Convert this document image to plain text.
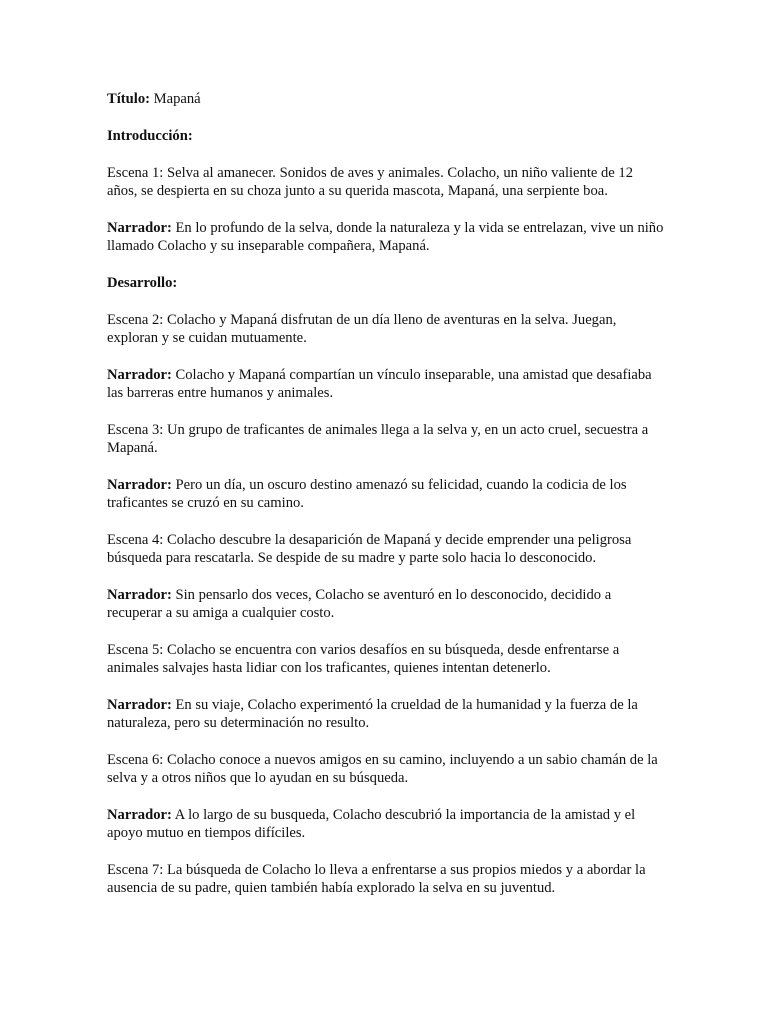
Título: Mapaná

Introducción:

Escena 1: Selva al amanecer. Sonidos de aves y animales. Colacho, un niño valiente de 12 años, se despierta en su choza junto a su querida mascota, Mapaná, una serpiente boa.

Narrador: En lo profundo de la selva, donde la naturaleza y la vida se entrelazan, vive un niño llamado Colacho y su inseparable compañera, Mapaná.

Desarrollo:

Escena 2: Colacho y Mapaná disfrutan de un día lleno de aventuras en la selva. Juegan, exploran y se cuidan mutuamente.

Narrador: Colacho y Mapaná compartían un vínculo inseparable, una amistad que desafiaba las barreras entre humanos y animales.

Escena 3: Un grupo de traficantes de animales llega a la selva y, en un acto cruel, secuestra a Mapaná.

Narrador: Pero un día, un oscuro destino amenazó su felicidad, cuando la codicia de los traficantes se cruzó en su camino.

Escena 4: Colacho descubre la desaparición de Mapaná y decide emprender una peligrosa búsqueda para rescatarla. Se despide de su madre y parte solo hacia lo desconocido.

Narrador: Sin pensarlo dos veces, Colacho se aventuró en lo desconocido, decidido a recuperar a su amiga a cualquier costo.

Escena 5: Colacho se encuentra con varios desafíos en su búsqueda, desde enfrentarse a animales salvajes hasta lidiar con los traficantes, quienes intentan detenerlo.

Narrador: En su viaje, Colacho experimentó la crueldad de la humanidad y la fuerza de la naturaleza, pero su determinación no resulto.

Escena 6: Colacho conoce a nuevos amigos en su camino, incluyendo a un sabio chamán de la selva y a otros niños que lo ayudan en su búsqueda.

Narrador: A lo largo de su busqueda, Colacho descubrió la importancia de la amistad y el apoyo mutuo en tiempos difíciles.

Escena 7: La búsqueda de Colacho lo lleva a enfrentarse a sus propios miedos y a abordar la ausencia de su padre, quien también había explorado la selva en su juventud.
